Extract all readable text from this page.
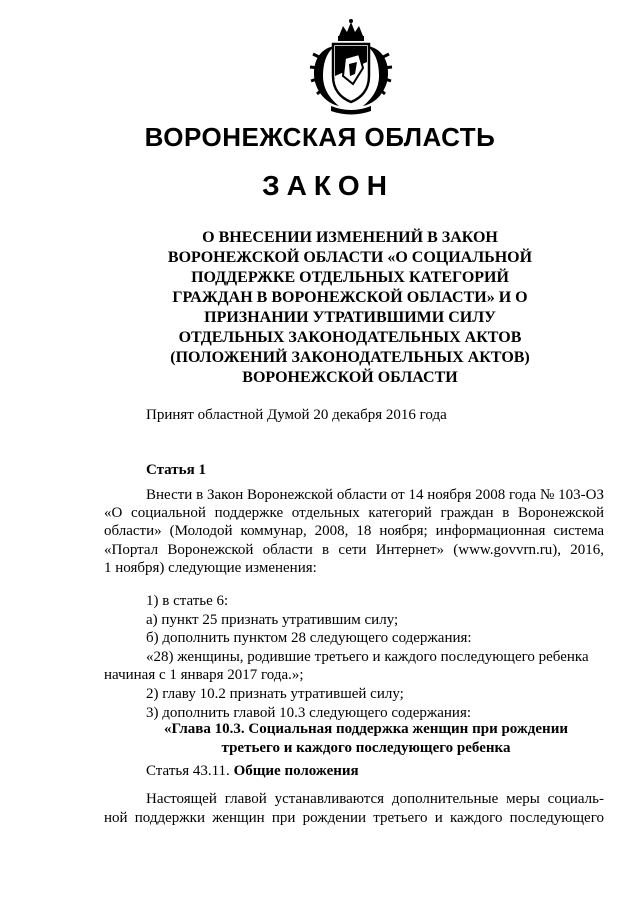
ВОРОНЕЖСКАЯ ОБЛАСТЬ
ЗАКОН
О ВНЕСЕНИИ ИЗМЕНЕНИЙ В ЗАКОН
ВОРОНЕЖСКОЙ ОБЛАСТИ «О СОЦИАЛЬНОЙ
ПОДДЕРЖКЕ ОТДЕЛЬНЫХ КАТЕГОРИЙ
ГРАЖДАН В ВОРОНЕЖСКОЙ ОБЛАСТИ» И О
ПРИЗНАНИИ УТРАТИВШИМИ СИЛУ
ОТДЕЛЬНЫХ ЗАКОНОДАТЕЛЬНЫХ АКТОВ
(ПОЛОЖЕНИЙ ЗАКОНОДАТЕЛЬНЫХ АКТОВ)
ВОРОНЕЖСКОЙ ОБЛАСТИ

Принят областной Думой 20 декабря 2016 года

Статья 1

Внести в Закон Воронежской области от 14 ноября 2008 года № 103-ОЗ
«О социальной поддержке отдельных категорий граждан в Воронежской
области» (Молодой коммунар, 2008, 18 ноября; информационная система
«Портал Воронежской области в сети Интернет» (www.govvrn.ru), 2016,
1 ноября) следующие изменения:
1) в статье 6:
а) пункт 25 признать утратившим силу;
б) дополнить пунктом 28 следующего содержания:
«28) женщины, родившие третьего и каждого последующего ребенка
начиная с 1 января 2017 года.»;
2) главу 10.2 признать утратившей силу;
3) дополнить главой 10.3 следующего содержания:
«Глава 10.3. Социальная поддержка женщин при рождении
третьего и каждого последующего ребенка

Статья 43.11. Общие положения

Настоящей главой устанавливаются дополнительные меры социаль-
ной поддержки женщин при рождении третьего и каждого последующего
